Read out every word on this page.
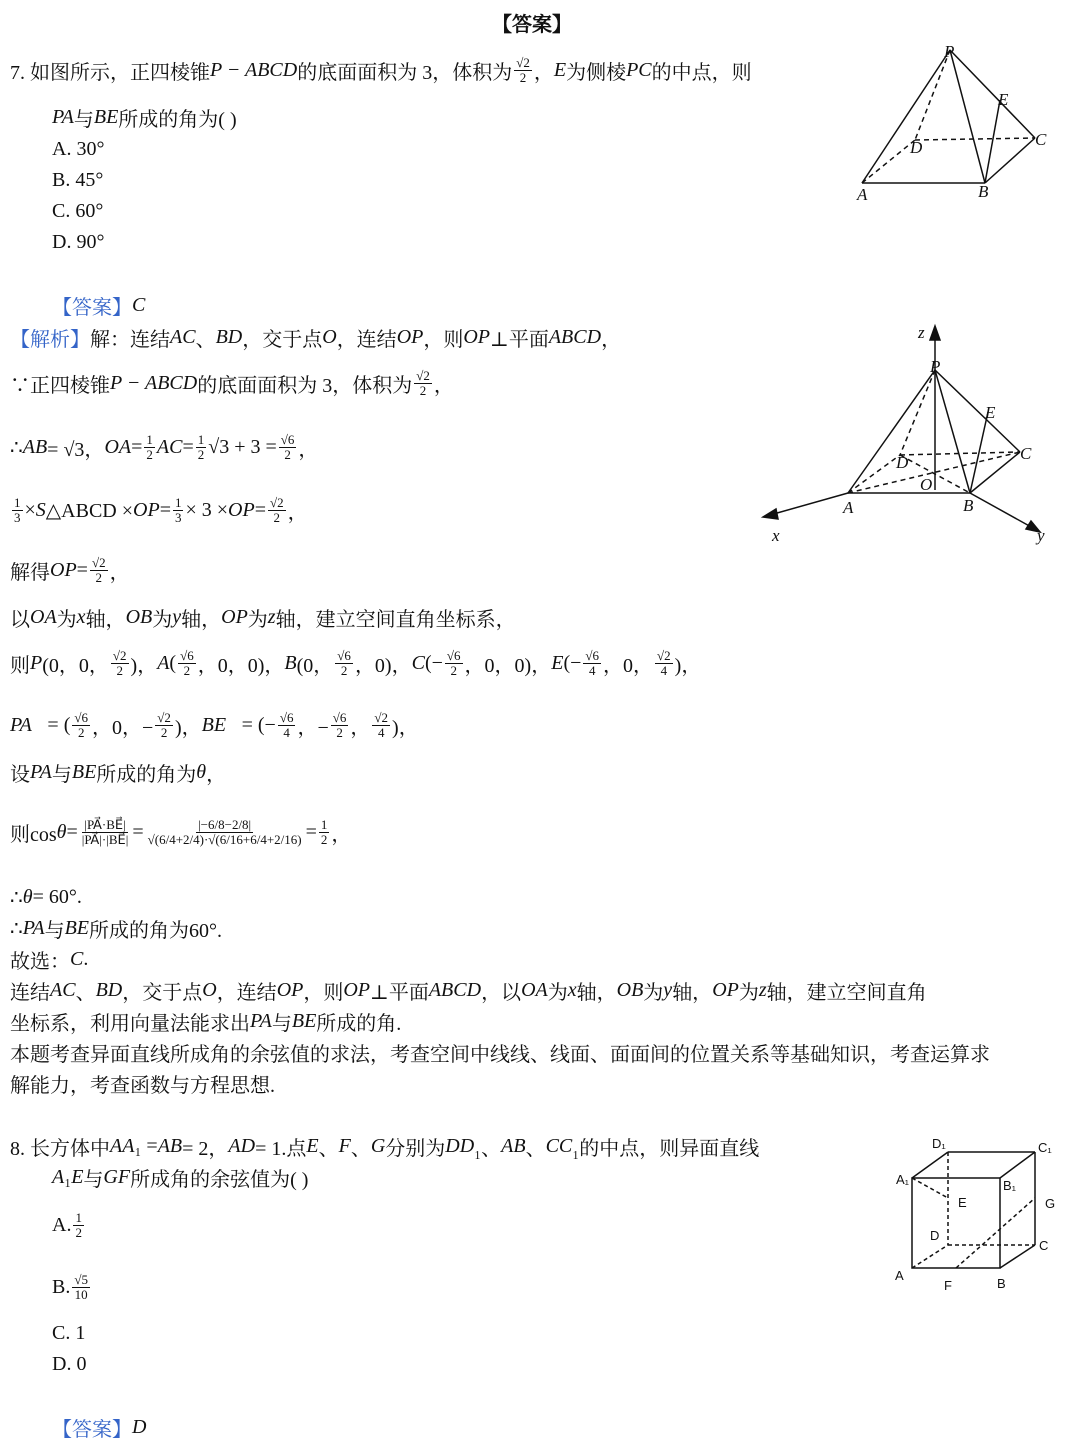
【答案】
7. 如图所示，正四棱锥 P − ABCD 的底面面积为 3，体积为 $\frac{√2}{2}$ ， E 为侧棱 PC 的中点，则
PA 与 BE 所成的角为( )
A. 30°
B. 45°
C. 60°
D. 90°
【答案】 C
【解析】 解：连结 AC 、 BD ，交于点 O ，连结 OP ，则 OP ⊥平面 ABCD ，
∵正四棱锥 P − ABCD 的底面面积为 3，体积为 $\frac{√2}{2}$ ，
∴ AB = √3， OA = $\frac{1}{2}$ AC = $\frac{1}{2} √3 + 3 = \frac{√6}{2}$ ，
$\frac{1}{3} \times S$ △ABCD × OP = $\frac{1}{3} \times 3$ × OP = $\frac{√2}{2}$ ，
解得 OP = $\frac{√2}{2}$ ，
以 OA 为 x 轴， OB 为 y 轴， OP 为 z 轴，建立空间直角坐标系，
则 P (0，0， $\frac{√2}{2}$ )， A ( $\frac{√6}{2}$ ，0，0)， B (0， $\frac{√6}{2}$ ，0)， C (− $\frac{√6}{2}$ ，0，0)， E (− $\frac{√6}{4}$ ，0， $\frac{√2}{4}$ )，
PA⃗ = ( $\frac{√6}{2}$ ，0，− $\frac{√2}{2}$ )， BE⃗ = (− $\frac{√6}{4}$ ，− $\frac{√6}{2}$ ， $\frac{√2}{4}$ )，
设 PA 与 BE 所成的角为 θ ，
则$\cos \theta = \frac{|PA⃗\cdot BE⃗|}{|PA⃗|\cdot|BE⃗|} = \frac{|-6/8-2/8|}{√(6/4+2/4)\cdot√(6/16+6/4+2/16)} = \frac{1}{2}$ ，
∴ θ = 60°.
∴ PA 与 BE 所成的角为60°.
故选： C .
连结 AC 、 BD ，交于点 O ，连结 OP ，则 OP ⊥平面 ABCD ，以 OA 为 x 轴， OB 为 y 轴， OP 为 z 轴，建立空间直角
坐标系，利用向量法能求出 PA 与 BE 所成的角.
本题考查异面直线所成角的余弦值的求法，考查空间中线线、线面、面面间的位置关系等基础知识，考查运算求
解能力，考查函数与方程思想.
8. 长方体中 AA ₁ = AB = 2， AD = 1.点 E 、 F 、 G 分别为 DD ₁、 AB 、 CC ₁的中点，则异面直线
A ₁ E 与 GF 所成角的余弦值为( )
A. $\frac{1}{2}$
B. $\frac{√5}{10}$
C. 1
D. 0
【答案】 D
P
A	B
C
D
E
P
A	B
C
D
O
E
x	y
z
A₁	B₁
C₁
D₁
A
B
C
D
E
F
G
